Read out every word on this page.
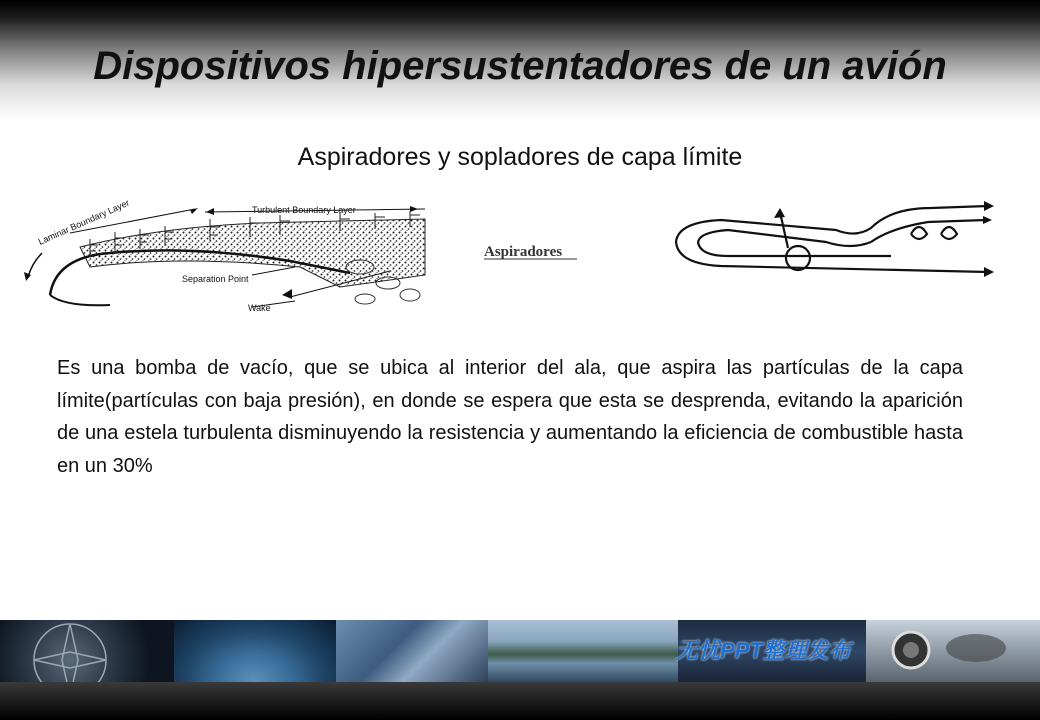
Dispositivos hipersustentadores de un avión
Aspiradores y sopladores de capa límite
Laminar Boundary Layer	Turbulent Boundary Layer
Separation Point
Wake
Aspiradores

Es una bomba de vacío, que se ubica al interior del ala, que aspira las partículas de la capa límite(partículas con baja presión), en donde se espera que esta se desprenda, evitando la aparición de una estela turbulenta disminuyendo la resistencia y aumentando la eficiencia de combustible hasta en un 30%

无忧PPT整理发布
